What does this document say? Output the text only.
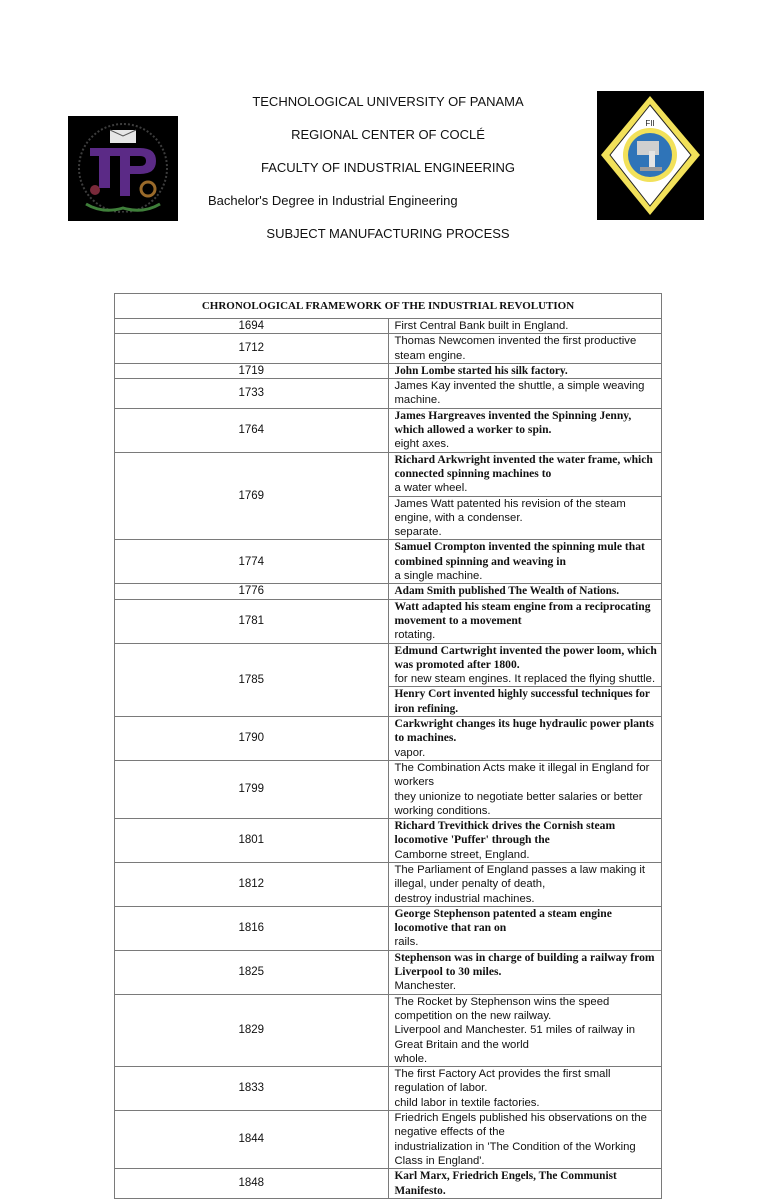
UTP
FII
TECHNOLOGICAL UNIVERSITY OF PANAMA
REGIONAL CENTER OF COCLÉ
FACULTY OF INDUSTRIAL ENGINEERING
Bachelor's Degree in Industrial Engineering
SUBJECT MANUFACTURING PROCESS
CHRONOLOGICAL FRAMEWORK OF THE INDUSTRIAL REVOLUTION	
1694	First Central Bank built in England.

1712	Thomas Newcomen invented the first productive steam engine.

1719	John Lombe started his silk factory.

1733	James Kay invented the shuttle, a simple weaving machine.

1764	James Hargreaves invented the Spinning Jenny, which allowed a worker to spin.
eight axes.

1769	Richard Arkwright invented the water frame, which connected spinning machines to
a water wheel.

	James Watt patented his revision of the steam engine, with a condenser.
separate.

1774	Samuel Crompton invented the spinning mule that combined spinning and weaving in
a single machine.

1776	Adam Smith published The Wealth of Nations.

1781	Watt adapted his steam engine from a reciprocating movement to a movement
rotating.

1785	Edmund Cartwright invented the power loom, which was promoted after 1800.
for new steam engines. It replaced the flying shuttle.

	Henry Cort invented highly successful techniques for iron refining.

1790	Carkwright changes its huge hydraulic power plants to machines.
vapor.

1799	The Combination Acts make it illegal in England for workers
they unionize to negotiate better salaries or better working conditions.

1801	Richard Trevithick drives the Cornish steam locomotive 'Puffer' through the
Camborne street, England.

1812	The Parliament of England passes a law making it illegal, under penalty of death,
destroy industrial machines.

1816	George Stephenson patented a steam engine locomotive that ran on
rails.

1825	Stephenson was in charge of building a railway from Liverpool to 30 miles.
Manchester.

1829	The Rocket by Stephenson wins the speed competition on the new railway.
Liverpool and Manchester. 51 miles of railway in Great Britain and the world
whole.

1833	The first Factory Act provides the first small regulation of labor.
child labor in textile factories.

1844	Friedrich Engels published his observations on the negative effects of the
industrialization in 'The Condition of the Working Class in England'.

1848	Karl Marx, Friedrich Engels, The Communist Manifesto.
